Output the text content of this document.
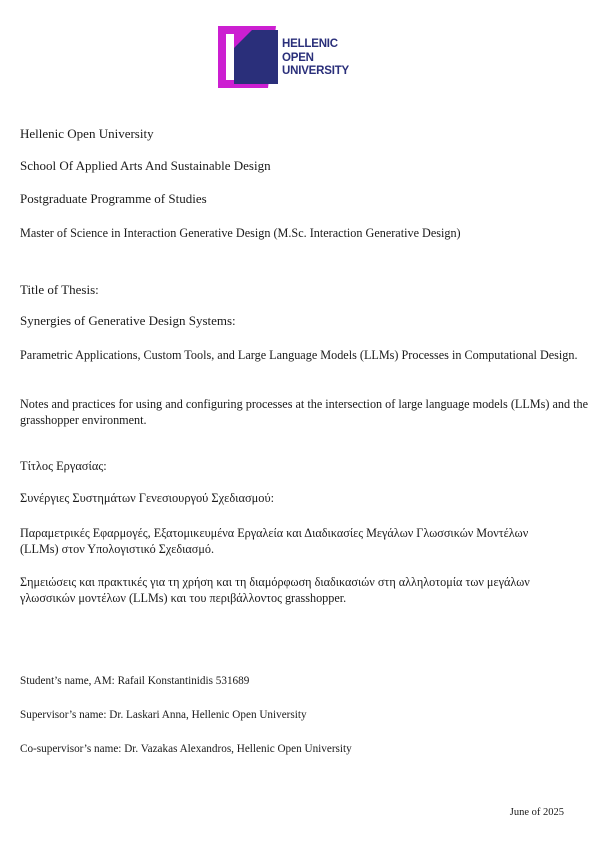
HELLENIC
OPEN
UNIVERSITY
Hellenic Open University
School Of Applied Arts And Sustainable Design
Postgraduate Programme of Studies
Master of Science in Interaction Generative Design (M.Sc. Interaction Generative Design)
Title of Thesis:
Synergies of Generative Design Systems:
Parametric Applications, Custom Tools, and Large Language Models (LLMs) Processes in Computational Design.
Notes and practices for using and configuring processes at the intersection of large language models (LLMs) and the grasshopper environment.
Τίτλος Εργασίας:
Συνέργιες Συστημάτων Γενεσιουργού Σχεδιασμού:
Παραμετρικές Εφαρμογές, Εξατομικευμένα Εργαλεία και Διαδικασίες Μεγάλων Γλωσσικών Μοντέλων (LLMs) στον Υπολογιστικό Σχεδιασμό.
Σημειώσεις και πρακτικές για τη χρήση και τη διαμόρφωση διαδικασιών στη αλληλοτομία των μεγάλων γλωσσικών μοντέλων (LLMs) και του περιβάλλοντος grasshopper.
Student’s name, AM: Rafail Konstantinidis 531689
Supervisor’s name: Dr. Laskari Anna, Hellenic Open University
Co-supervisor’s name: Dr. Vazakas Alexandros, Hellenic Open University
June of 2025
